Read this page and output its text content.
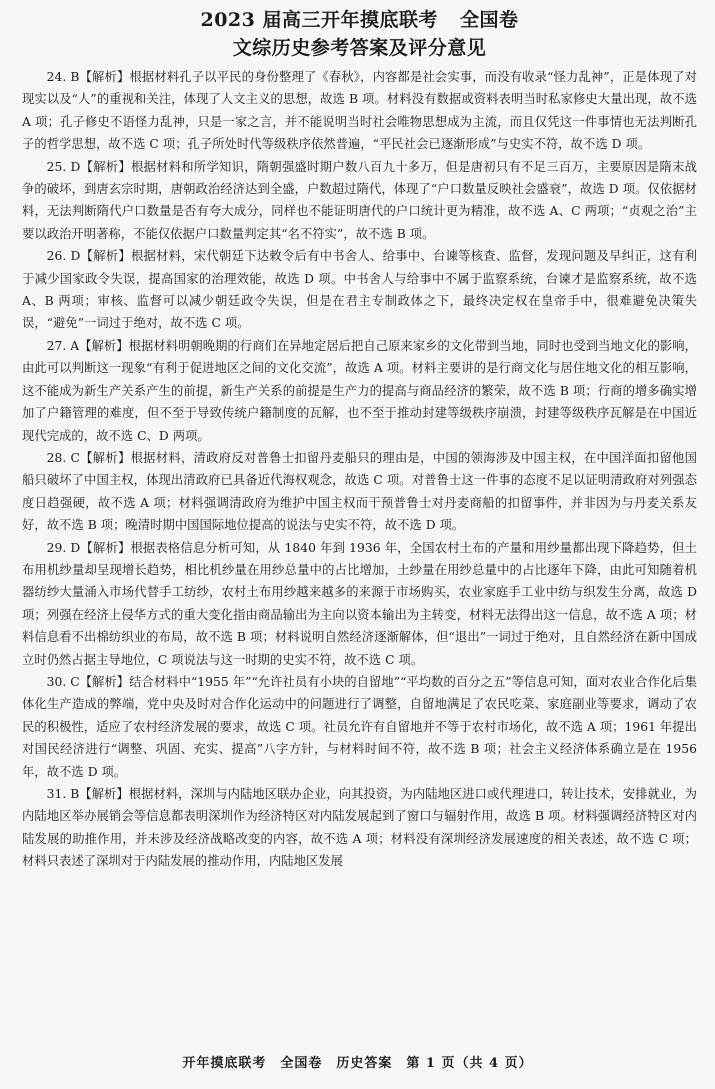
2023 届高三开年摸底联考 全国卷
文综历史参考答案及评分意见

24. B【解析】根据材料孔子以平民的身份整理了《春秋》，内容都是社会实事，而没有收录“怪力乱神”，正是体现了对现实以及“人”的重视和关注，体现了人文主义的思想，故选 B 项。材料没有数据或资料表明当时私家修史大量出现，故不选 A 项；孔子修史不语怪力乱神，只是一家之言，并不能说明当时社会唯物思想成为主流，而且仅凭这一件事情也无法判断孔子的哲学思想，故不选 C 项；孔子所处时代等级秩序依然普遍，“平民社会已逐渐形成”与史实不符，故不选 D 项。

25. D【解析】根据材料和所学知识，隋朝强盛时期户数八百九十多万，但是唐初只有不足三百万，主要原因是隋末战争的破坏，到唐玄宗时期，唐朝政治经济达到全盛，户数超过隋代，体现了“户口数量反映社会盛衰”，故选 D 项。仅依据材料，无法判断隋代户口数量是否有夸大成分，同样也不能证明唐代的户口统计更为精准，故不选 A、C 两项；“贞观之治”主要以政治开明著称，不能仅依据户口数量判定其“名不符实”，故不选 B 项。

26. D【解析】根据材料，宋代朝廷下达敕令后有中书舍人、给事中、台谏等核查、监督，发现问题及早纠正，这有利于减少国家政令失误，提高国家的治理效能，故选 D 项。中书舍人与给事中不属于监察系统，台谏才是监察系统，故不选 A、B 两项；审核、监督可以减少朝廷政令失误，但是在君主专制政体之下，最终决定权在皇帝手中，很难避免决策失误，“避免”一词过于绝对，故不选 C 项。

27. A【解析】根据材料明朝晚期的行商们在异地定居后把自己原来家乡的文化带到当地，同时也受到当地文化的影响，由此可以判断这一现象“有利于促进地区之间的文化交流”，故选 A 项。材料主要讲的是行商文化与居住地文化的相互影响，这不能成为新生产关系产生的前提，新生产关系的前提是生产力的提高与商品经济的繁荣，故不选 B 项；行商的增多确实增加了户籍管理的难度，但不至于导致传统户籍制度的瓦解，也不至于推动封建等级秩序崩溃，封建等级秩序瓦解是在中国近现代完成的，故不选 C、D 两项。

28. C【解析】根据材料，清政府反对普鲁士扣留丹麦船只的理由是，中国的领海涉及中国主权，在中国洋面扣留他国船只破坏了中国主权，体现出清政府已具备近代海权观念，故选 C 项。对普鲁士这一件事的态度不足以证明清政府对列强态度日趋强硬，故不选 A 项；材料强调清政府为维护中国主权而干预普鲁士对丹麦商船的扣留事件，并非因为与丹麦关系友好，故不选 B 项；晚清时期中国国际地位提高的说法与史实不符，故不选 D 项。

29. D【解析】根据表格信息分析可知，从 1840 年到 1936 年，全国农村土布的产量和用纱量都出现下降趋势，但土布用机纱量却呈现增长趋势，相比机纱量在用纱总量中的占比增加，土纱量在用纱总量中的占比逐年下降，由此可知随着机器纺纱大量涌入市场代替手工纺纱，农村土布用纱越来越多的来源于市场购买，农业家庭手工业中纺与织发生分离，故选 D 项；列强在经济上侵华方式的重大变化指由商品输出为主向以资本输出为主转变，材料无法得出这一信息，故不选 A 项；材料信息看不出棉纺织业的布局，故不选 B 项；材料说明自然经济逐渐解体，但“退出”一词过于绝对，且自然经济在新中国成立时仍然占据主导地位，C 项说法与这一时期的史实不符，故不选 C 项。

30. C【解析】结合材料中“1955 年”“允许社员有小块的自留地”“平均数的百分之五”等信息可知，面对农业合作化后集体化生产造成的弊端，党中央及时对合作化运动中的问题进行了调整，自留地满足了农民吃菜、家庭副业等要求，调动了农民的积极性，适应了农村经济发展的要求，故选 C 项。社员允许有自留地并不等于农村市场化，故不选 A 项；1961 年提出对国民经济进行“调整、巩固、充实、提高”八字方针，与材料时间不符，故不选 B 项；社会主义经济体系确立是在 1956 年，故不选 D 项。

31. B【解析】根据材料，深圳与内陆地区联办企业，向其投资，为内陆地区进口或代理进口，转让技术，安排就业，为内陆地区举办展销会等信息都表明深圳作为经济特区对内陆发展起到了窗口与辐射作用，故选 B 项。材料强调经济特区对内陆发展的助推作用，并未涉及经济战略改变的内容，故不选 A 项；材料没有深圳经济发展速度的相关表述，故不选 C 项；材料只表述了深圳对于内陆发展的推动作用，内陆地区发展

开年摸底联考　全国卷　历史答案　第 1 页（共 4 页）
